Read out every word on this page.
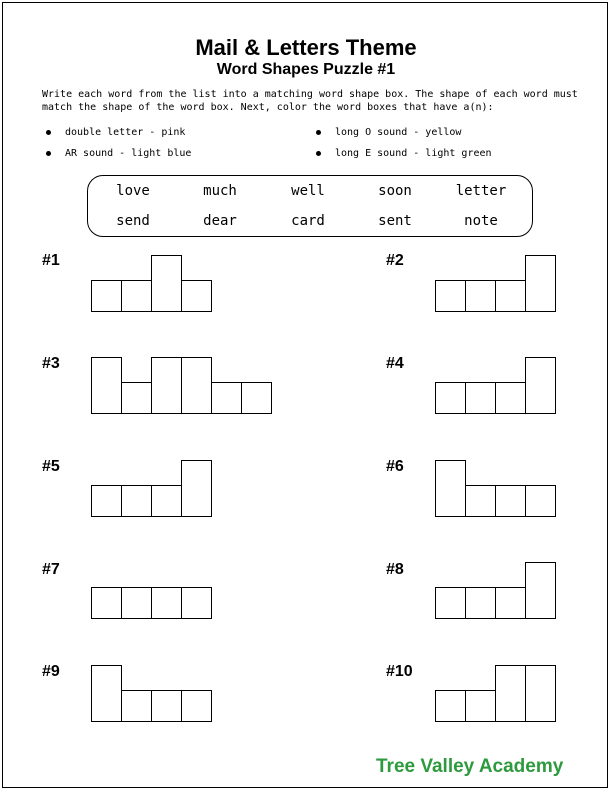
Mail & Letters Theme
Word Shapes Puzzle #1
Write each word from the list into a matching word shape box. The shape of each word must match the shape of the word box. Next, color the word boxes that have a(n):
double letter - pink	long O sound - yellow
AR sound - light blue	long E sound - light green
love	much	well	soon	letter
send	dear	card	sent	note
#1	#2
#3	#4
#5	#6
#7	#8
#9	#10
Tree Valley Academy
